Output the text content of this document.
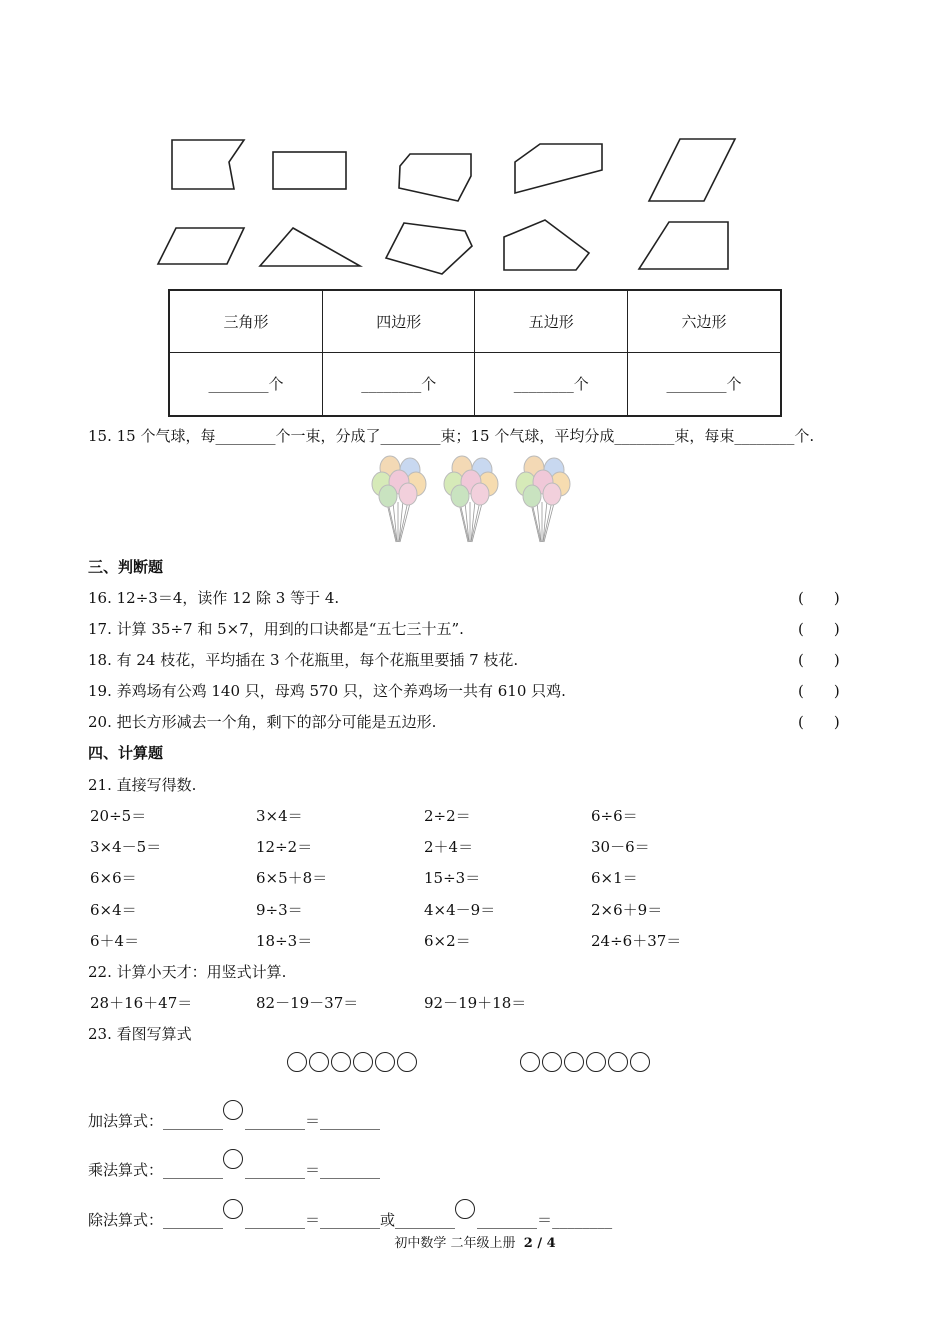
三角形	四边形	五边形	六边形
________个	________个	________个	________个
15. 15 个气球，每________个一束，分成了________束；15 个气球，平均分成________束，每束________个.
三、判断题
16. 12÷3＝4，读作 12 除 3 等于 4.	(　　)
17. 计算 35÷7 和 5×7，用到的口诀都是“五七三十五”.	(　　)
18. 有 24 枝花，平均插在 3 个花瓶里，每个花瓶里要插 7 枝花.	(　　)
19. 养鸡场有公鸡 140 只，母鸡 570 只，这个养鸡场一共有 610 只鸡.	(　　)
20. 把长方形减去一个角，剩下的部分可能是五边形.	(　　)
四、计算题
21. 直接写得数.
20÷5＝	3×4＝	2÷2＝	6÷6＝
3×4－5＝	12÷2＝	2＋4＝	30－6＝
6×6＝	6×5＋8＝	15÷3＝	6×1＝
6×4＝	9÷3＝	4×4－9＝	2×6＋9＝
6＋4＝	18÷3＝	6×2＝	24÷6＋37＝
22. 计算小天才：用竖式计算.
28＋16＋47＝	82－19－37＝	92－19＋18＝
23. 看图写算式
加法算式：________ ________＝________
乘法算式：________ ________＝________
除法算式：________ ________＝________或________ ________＝________
初中数学 二年级上册 2 / 4
